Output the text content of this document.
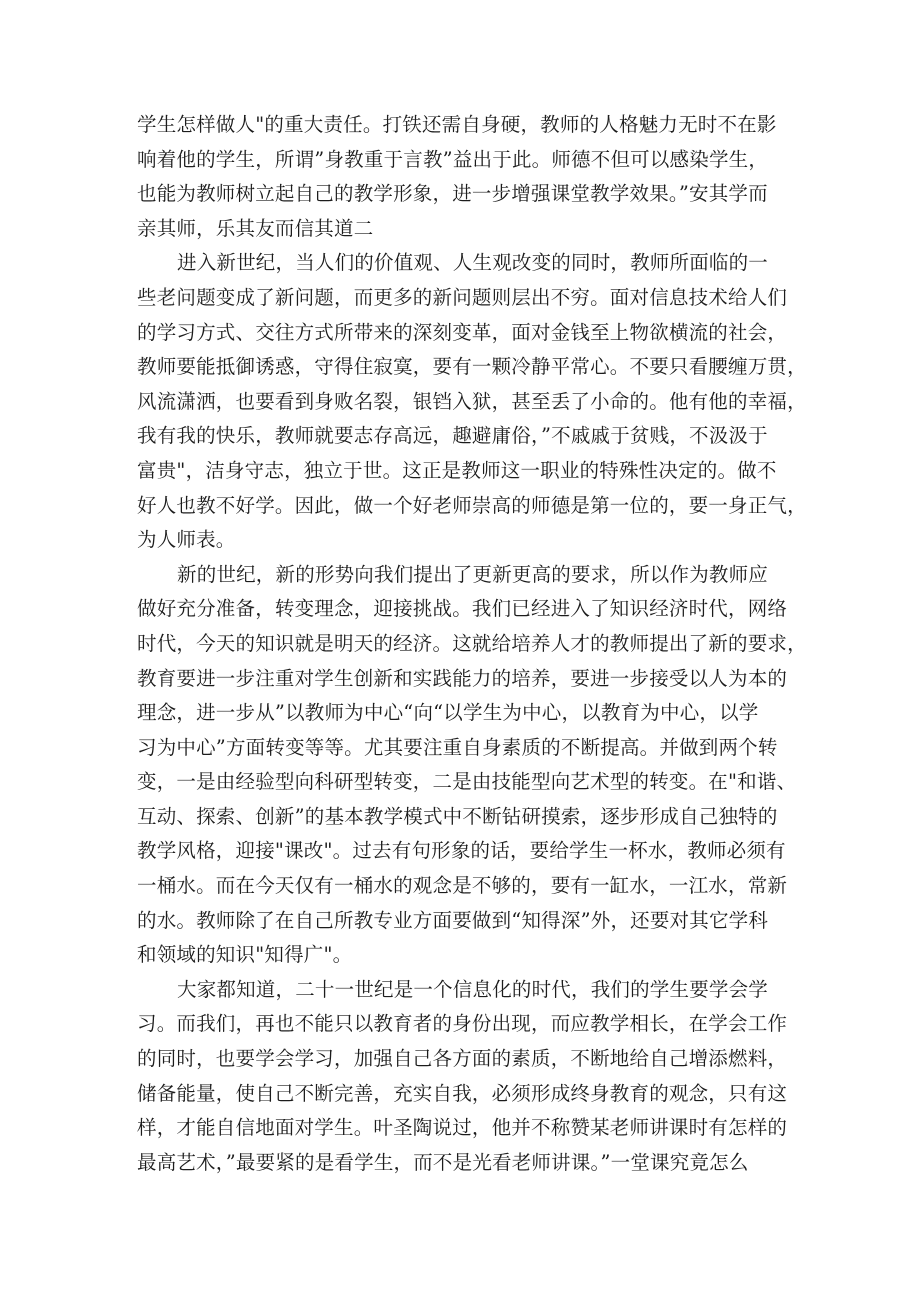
学生怎样做人"的重大责任。打铁还需自身硬，教师的人格魅力无时不在影
响着他的学生，所谓”身教重于言教”益出于此。师德不但可以感染学生，
也能为教师树立起自己的教学形象，进一步增强课堂教学效果。”安其学而
亲其师，乐其友而信其道二
进入新世纪，当人们的价值观、人生观改变的同时，教师所面临的一
些老问题变成了新问题，而更多的新问题则层出不穷。面对信息技术给人们
的学习方式、交往方式所带来的深刻变革，面对金钱至上物欲横流的社会，
教师要能抵御诱惑，守得住寂寞，要有一颗冷静平常心。不要只看腰缠万贯，
风流潇洒，也要看到身败名裂，银铛入狱，甚至丢了小命的。他有他的幸福，
我有我的快乐，教师就要志存高远，趣避庸俗，”不戚戚于贫贱，不汲汲于
富贵"，洁身守志，独立于世。这正是教师这一职业的特殊性决定的。做不
好人也教不好学。因此，做一个好老师崇高的师德是第一位的，要一身正气，
为人师表。
新的世纪，新的形势向我们提出了更新更高的要求，所以作为教师应
做好充分准备，转变理念，迎接挑战。我们已经进入了知识经济时代，网络
时代，今天的知识就是明天的经济。这就给培养人才的教师提出了新的要求，
教育要进一步注重对学生创新和实践能力的培养，要进一步接受以人为本的
理念，进一步从”以教师为中心“向“以学生为中心，以教育为中心，以学
习为中心”方面转变等等。尤其要注重自身素质的不断提高。并做到两个转
变，一是由经验型向科研型转变，二是由技能型向艺术型的转变。在"和谐、
互动、探索、创新”的基本教学模式中不断钻研摸索，逐步形成自己独特的
教学风格，迎接"课改"。过去有句形象的话，要给学生一杯水，教师必须有
一桶水。而在今天仅有一桶水的观念是不够的，要有一缸水，一江水，常新
的水。教师除了在自己所教专业方面要做到“知得深”外，还要对其它学科
和领域的知识"知得广"。
大家都知道，二十一世纪是一个信息化的时代，我们的学生要学会学
习。而我们，再也不能只以教育者的身份出现，而应教学相长，在学会工作
的同时，也要学会学习，加强自己各方面的素质，不断地给自己增添燃料，
储备能量，使自己不断完善，充实自我，必须形成终身教育的观念，只有这
样，才能自信地面对学生。叶圣陶说过，他并不称赞某老师讲课时有怎样的
最高艺术，”最要紧的是看学生，而不是光看老师讲课。”一堂课究竟怎么
